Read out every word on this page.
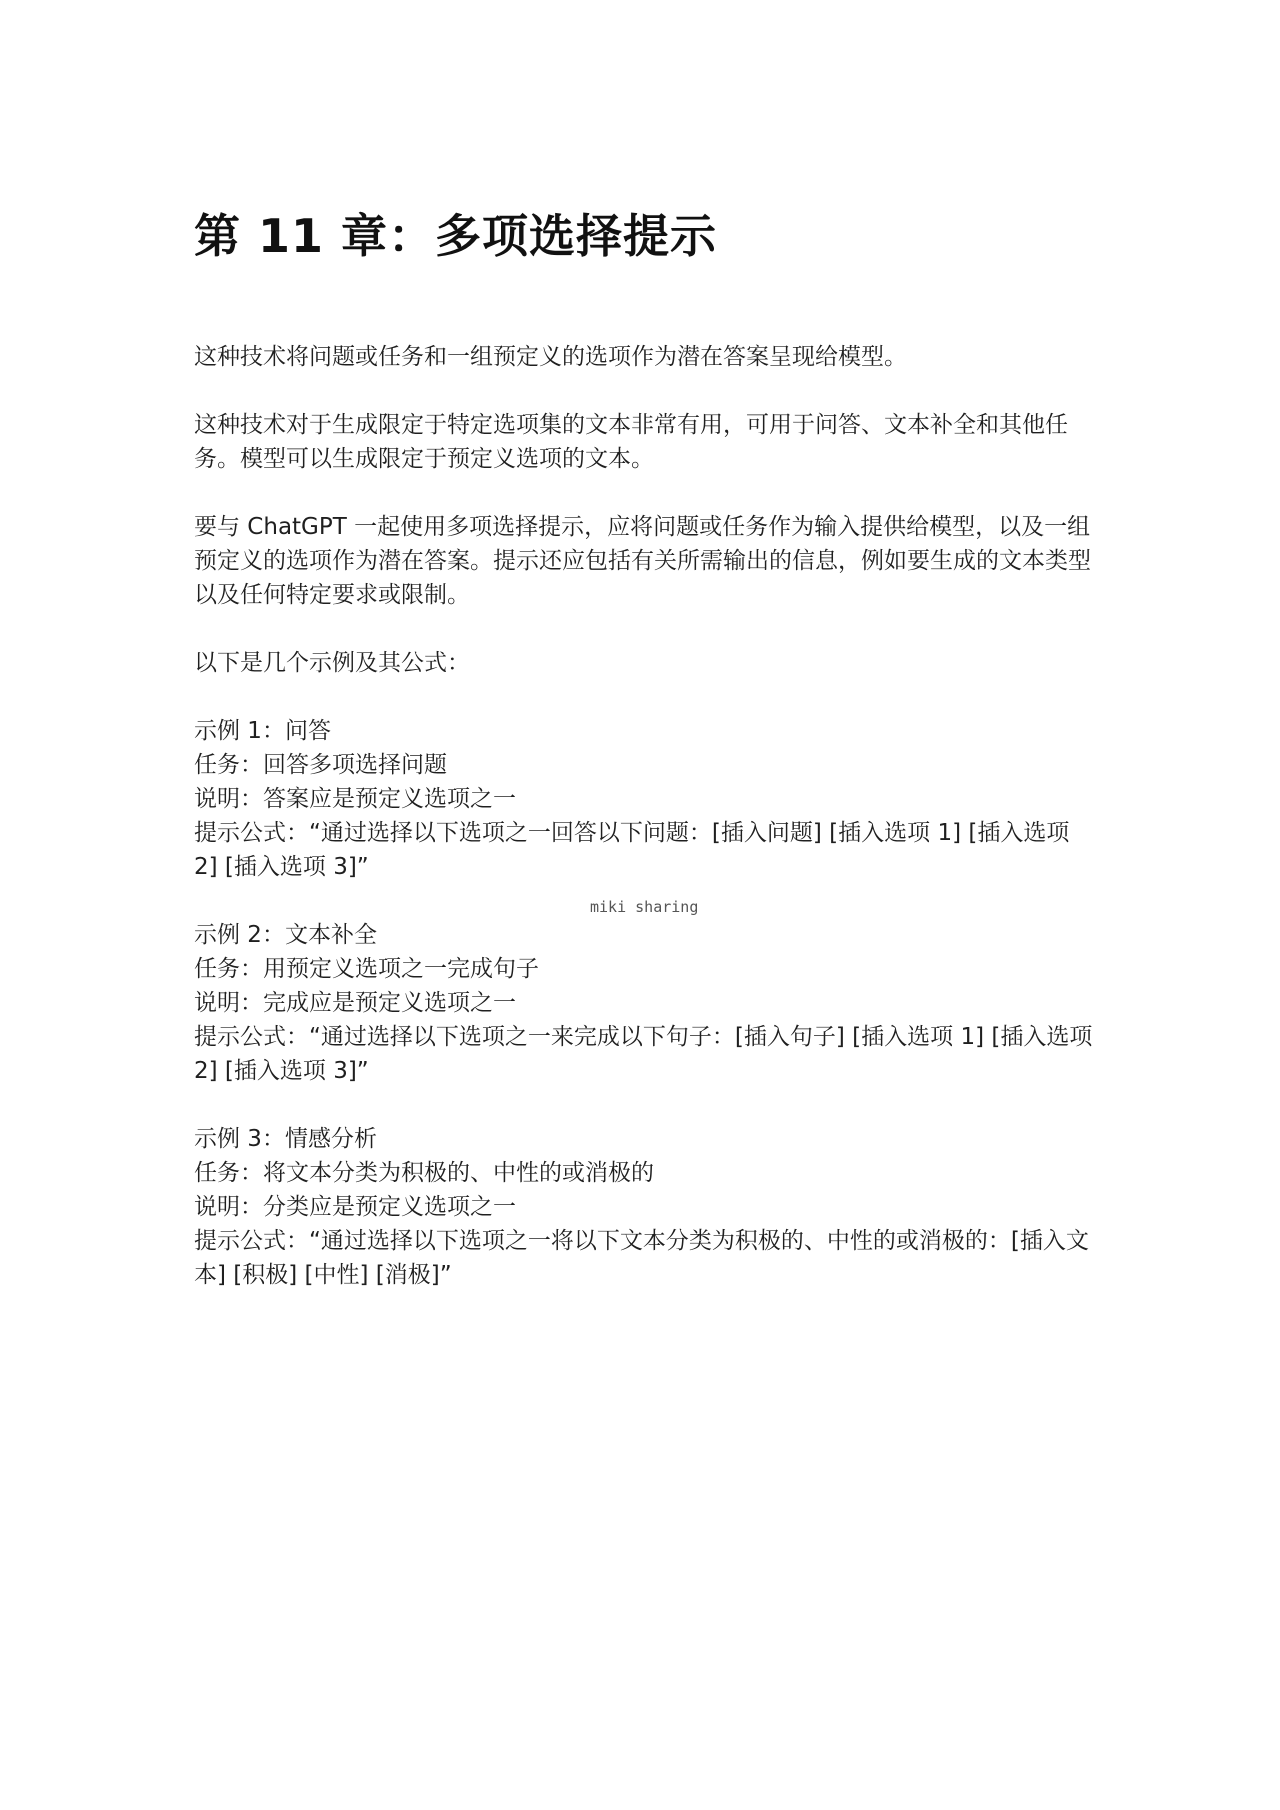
第 11 章：多项选择提示

这种技术将问题或任务和一组预定义的选项作为潜在答案呈现给模型。

这种技术对于生成限定于特定选项集的文本非常有用，可用于问答、文本补全和其他任务。模型可以生成限定于预定义选项的文本。

要与 ChatGPT 一起使用多项选择提示，应将问题或任务作为输入提供给模型，以及一组预定义的选项作为潜在答案。提示还应包括有关所需输出的信息，例如要生成的文本类型以及任何特定要求或限制。

以下是几个示例及其公式：

示例 1：问答
任务：回答多项选择问题
说明：答案应是预定义选项之一
提示公式：“通过选择以下选项之一回答以下问题：[插入问题] [插入选项 1] [插入选项 2] [插入选项 3]”
示例 2：文本补全
任务：用预定义选项之一完成句子
说明：完成应是预定义选项之一
提示公式：“通过选择以下选项之一来完成以下句子：[插入句子] [插入选项 1] [插入选项 2] [插入选项 3]”
示例 3：情感分析
任务：将文本分类为积极的、中性的或消极的
说明：分类应是预定义选项之一
提示公式：“通过选择以下选项之一将以下文本分类为积极的、中性的或消极的：[插入文本] [积极] [中性] [消极]”
miki sharing
